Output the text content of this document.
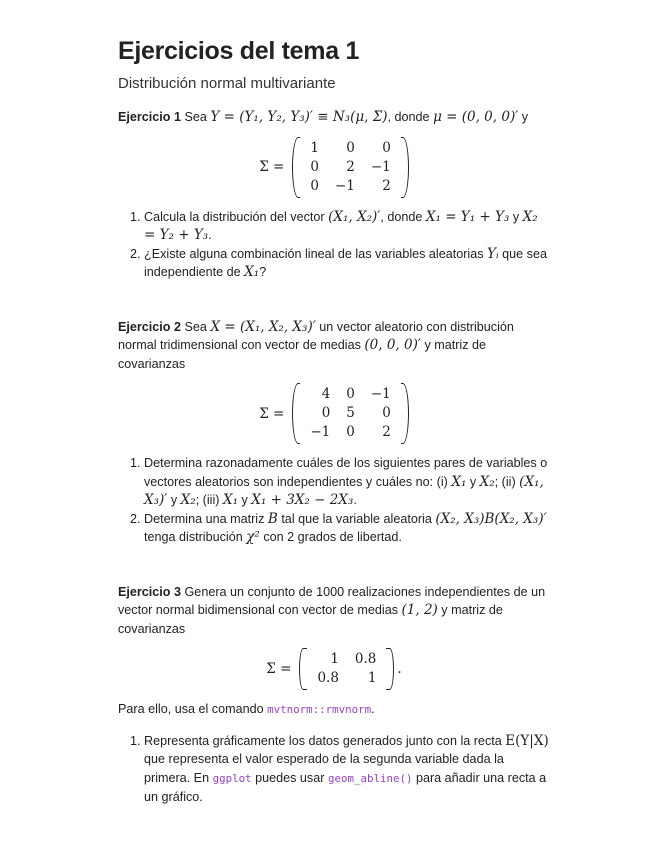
Ejercicios del tema 1
Distribución normal multivariante

Ejercicio 1 Sea Y = (Y₁, Y₂, Y₃)′ ≡ N₃(μ, Σ), donde μ = (0, 0, 0)′ y

Σ =
1	0	0
0	2	−1
0	−1	2
1. Calcula la distribución del vector (X₁, X₂)′, donde X₁ = Y₁ + Y₃ y X₂ = Y₂ + Y₃.
2. ¿Existe alguna combinación lineal de las variables aleatorias Yᵢ que sea independiente de X₁?

Ejercicio 2 Sea X = (X₁, X₂, X₃)′ un vector aleatorio con distribución normal tridimensional con vector de medias (0, 0, 0)′ y matriz de covarianzas

Σ =
4	0	−1
0	5	0
−1	0	2
1. Determina razonadamente cuáles de los siguientes pares de variables o vectores aleatorios son independientes y cuáles no: (i) X₁ y X₂; (ii) (X₁, X₃)′ y X₂; (iii) X₁ y X₁ + 3X₂ − 2X₃.
2. Determina una matriz B tal que la variable aleatoria (X₂, X₃)B(X₂, X₃)′ tenga distribución χ² con 2 grados de libertad.

Ejercicio 3 Genera un conjunto de 1000 realizaciones independientes de un vector normal bidimensional con vector de medias (1, 2) y matriz de covarianzas

Σ =
1	0.8
0.8	1
.

Para ello, usa el comando mvtnorm::rmvnorm.

1. Representa gráficamente los datos generados junto con la recta E(Y|X) que representa el valor esperado de la segunda variable dada la primera. En ggplot puedes usar geom_abline() para añadir una recta a un gráfico.
